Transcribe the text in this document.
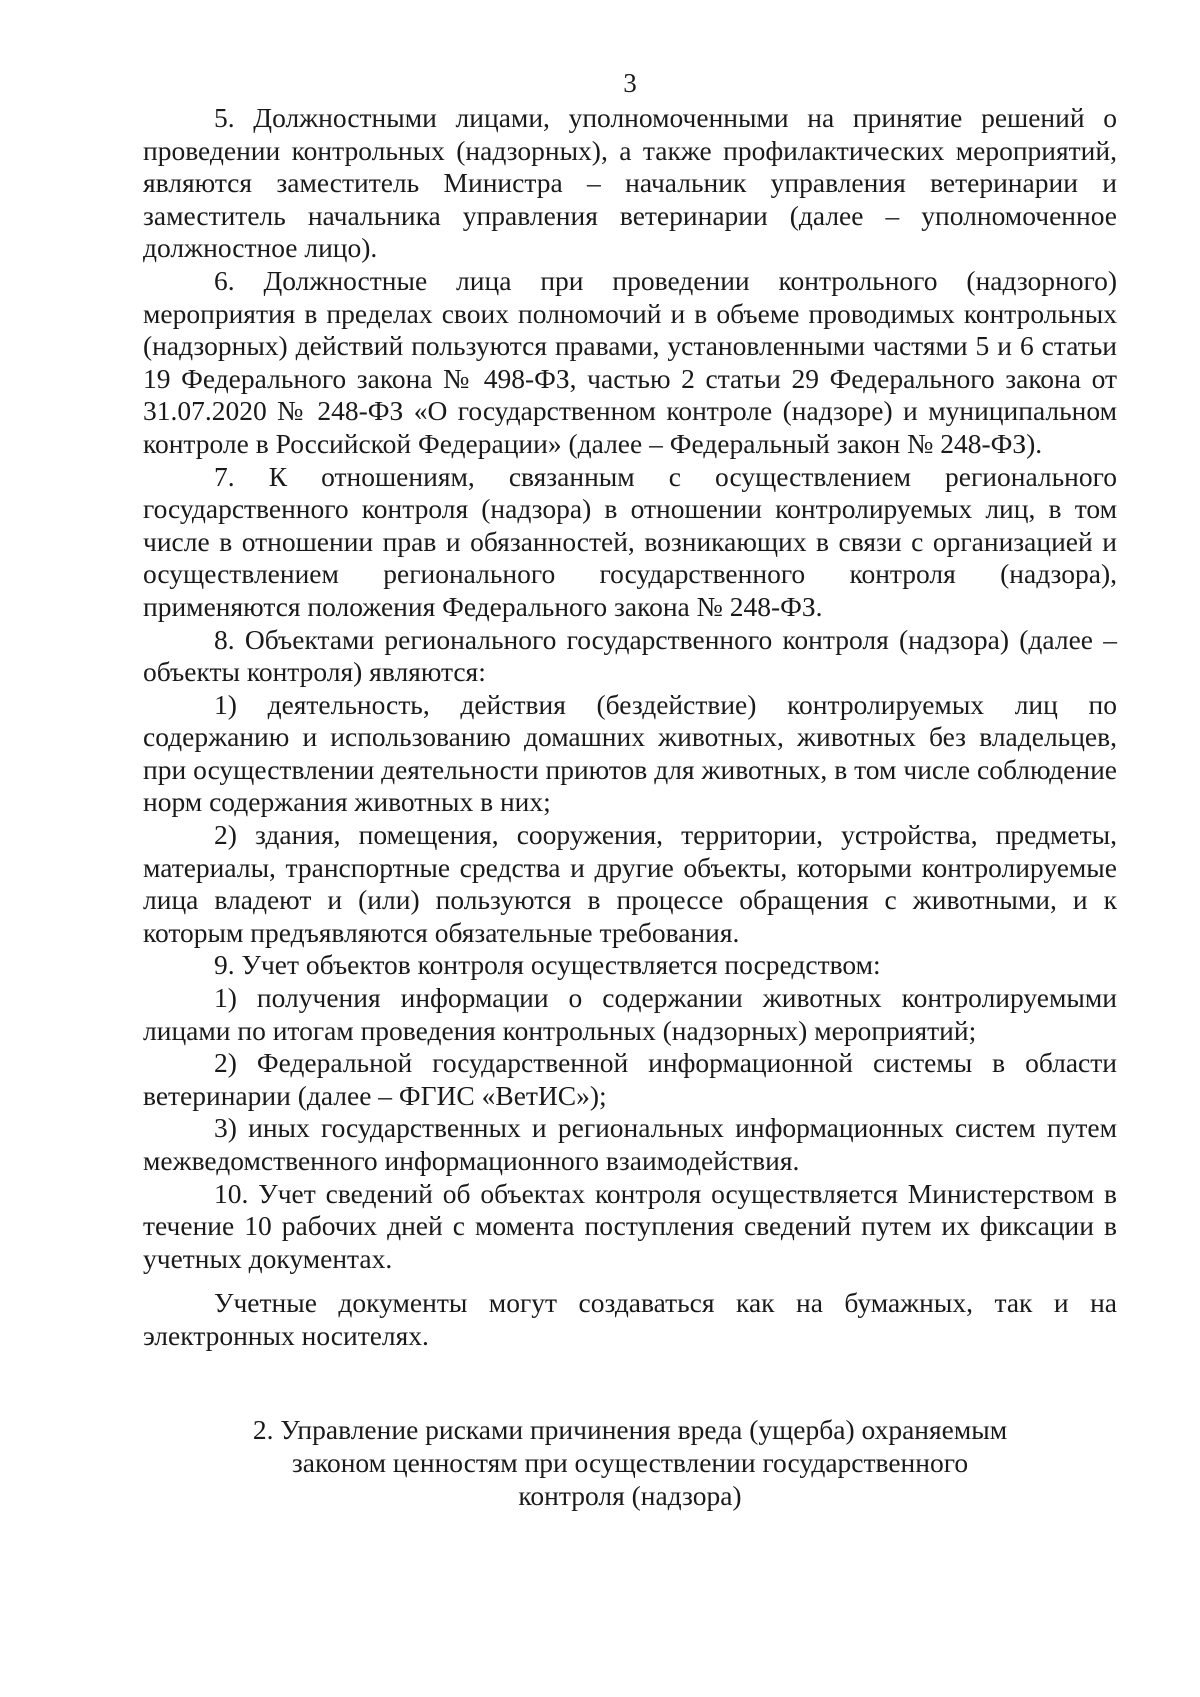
3

5. Должностными лицами, уполномоченными на принятие решений о проведении контрольных (надзорных), а также профилактических мероприятий, являются заместитель Министра – начальник управления ветеринарии и заместитель начальника управления ветеринарии (далее – уполномоченное должностное лицо).

6. Должностные лица при проведении контрольного (надзорного) мероприятия в пределах своих полномочий и в объеме проводимых контрольных (надзорных) действий пользуются правами, установленными частями 5 и 6 статьи 19 Федерального закона № 498-ФЗ, частью 2 статьи 29 Федерального закона от 31.07.2020 № 248-ФЗ «О государственном контроле (надзоре) и муниципальном контроле в Российской Федерации» (далее – Федеральный закон № 248-ФЗ).

7. К отношениям, связанным с осуществлением регионального государственного контроля (надзора) в отношении контролируемых лиц, в том числе в отношении прав и обязанностей, возникающих в связи с организацией и осуществлением регионального государственного контроля (надзора), применяются положения Федерального закона № 248-ФЗ.

8. Объектами регионального государственного контроля (надзора) (далее – объекты контроля) являются:

1) деятельность, действия (бездействие) контролируемых лиц по содержанию и использованию домашних животных, животных без владельцев, при осуществлении деятельности приютов для животных, в том числе соблюдение норм содержания животных в них;

2) здания, помещения, сооружения, территории, устройства, предметы, материалы, транспортные средства и другие объекты, которыми контролируемые лица владеют и (или) пользуются в процессе обращения с животными, и к которым предъявляются обязательные требования.

9. Учет объектов контроля осуществляется посредством:

1) получения информации о содержании животных контролируемыми лицами по итогам проведения контрольных (надзорных) мероприятий;

2) Федеральной государственной информационной системы в области ветеринарии (далее – ФГИС «ВетИС»);

3) иных государственных и региональных информационных систем путем межведомственного информационного взаимодействия.

10. Учет сведений об объектах контроля осуществляется Министерством в течение 10 рабочих дней с момента поступления сведений путем их фиксации в учетных документах.

Учетные документы могут создаваться как на бумажных, так и на электронных носителях.

2. Управление рисками причинения вреда (ущерба) охраняемым законом ценностям при осуществлении государственного контроля (надзора)
